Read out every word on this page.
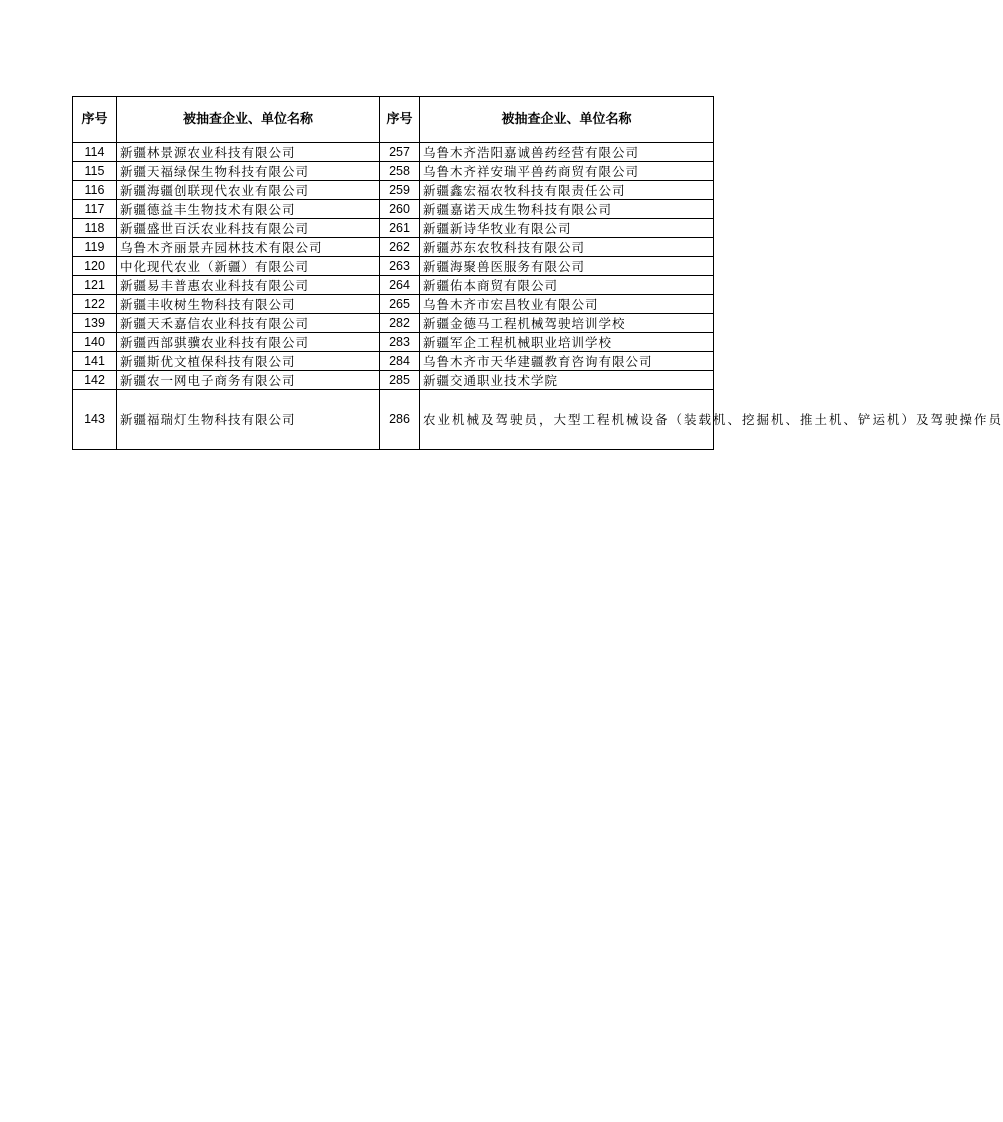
序号	被抽查企业、单位名称	序号	被抽查企业、单位名称
114	新疆林景源农业科技有限公司	257	乌鲁木齐浩阳嘉诚兽药经营有限公司
115	新疆天福绿保生物科技有限公司	258	乌鲁木齐祥安瑞平兽药商贸有限公司
116	新疆海疆创联现代农业有限公司	259	新疆鑫宏福农牧科技有限责任公司
117	新疆德益丰生物技术有限公司	260	新疆嘉诺天成生物科技有限公司
118	新疆盛世百沃农业科技有限公司	261	新疆新诗华牧业有限公司
119	乌鲁木齐丽景卉园林技术有限公司	262	新疆苏东农牧科技有限公司
120	中化现代农业（新疆）有限公司	263	新疆海聚兽医服务有限公司
121	新疆易丰普惠农业科技有限公司	264	新疆佑本商贸有限公司
122	新疆丰收树生物科技有限公司	265	乌鲁木齐市宏昌牧业有限公司
139	新疆天禾嘉信农业科技有限公司	282	新疆金德马工程机械驾驶培训学校
140	新疆西部骐骥农业科技有限公司	283	新疆军企工程机械职业培训学校
141	新疆斯优文植保科技有限公司	284	乌鲁木齐市天华建疆教育咨询有限公司
142	新疆农一网电子商务有限公司	285	新疆交通职业技术学院
143	新疆福瑞灯生物科技有限公司	286	农业机械及驾驶员，大型工程机械设备（装载机、挖掘机、推土机、铲运机）及驾驶操作员
